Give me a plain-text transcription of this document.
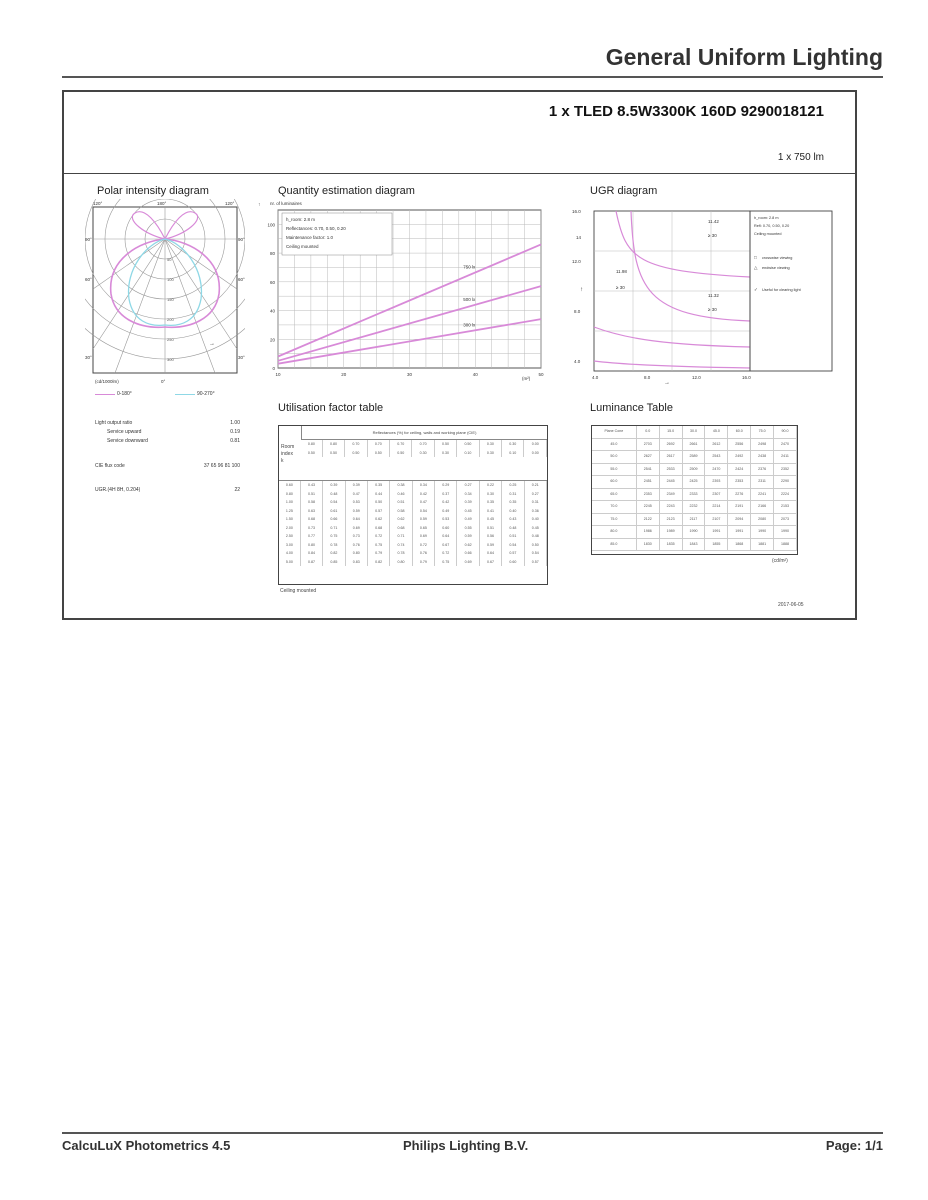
General Uniform Lighting
1 x TLED 8.5W3300K 160D 9290018121
1 x 750 lm
Polar intensity diagram
120°	180°	120°
90°
60°
30°
90°
60°
30°
50
100
150
200
250
300
→
(cd/1000lm)	0°
0-180°	90-270°
Light output ratio	1.00
Service upward	0.19
Service downward	0.81
CIE flux code	37 65 96 81 100
UGR.(4H 8H, 0.204)	22
Quantity estimation diagram
↑ nr. of luminaires
750 lx
500 lx
300 lx
0
20
40
60
80
100
10	20	30	40	50
h_room: 2.8 m
Reflectances: 0.70, 0.50, 0.20
Maintenance factor: 1.0
Ceiling mounted
(m²)
UGR diagram
16.0
14
12.0
8.0
4.0
4.0	8.0	12.0	16.0
↑
→
11.42
≥ 30
11.98
≥ 30
11.32
≥ 30
h_room: 2.8 m
Refl: 0.70, 0.50, 0.20
Ceiling mounted
□ crosswise viewing
△ endwise viewing
✓ Useful for clearing light
Utilisation factor table
Reflectances (%) for ceiling, walls and working plane (CIE)
Room
index
k
0.80	0.80	0.70	0.70	0.70	0.70	0.50	0.50	0.30	0.30	0.00
0.50	0.50	0.50	0.50	0.50	0.30	0.30	0.10	0.30	0.10	0.00
0.60	0.43	0.39	0.39	0.35	0.38	0.34	0.29	0.27	0.22	0.25	0.21
0.80	0.51	0.48	0.47	0.44	0.46	0.42	0.37	0.34	0.30	0.31	0.27
1.00	0.58	0.54	0.53	0.50	0.51	0.47	0.42	0.39	0.35	0.35	0.31
1.25	0.63	0.61	0.59	0.57	0.58	0.54	0.49	0.45	0.41	0.40	0.36
1.50	0.68	0.66	0.64	0.62	0.62	0.59	0.53	0.49	0.45	0.43	0.40
2.00	0.73	0.71	0.69	0.68	0.68	0.65	0.60	0.55	0.51	0.48	0.45
2.50	0.77	0.75	0.73	0.72	0.71	0.69	0.64	0.59	0.56	0.51	0.48
3.00	0.80	0.78	0.76	0.75	0.74	0.72	0.67	0.62	0.59	0.54	0.50
4.00	0.84	0.82	0.80	0.79	0.78	0.76	0.72	0.66	0.64	0.57	0.54
5.00	0.87	0.85	0.83	0.82	0.80	0.79	0.75	0.69	0.67	0.60	0.57
Ceiling mounted
Luminance Table
Plane Cone	0.0	15.0	30.0	45.0	60.0	75.0	90.0
45.0	2703	2692	2661	2612	2556	2498	2470
50.0	2627	2617	2589	2543	2492	2438	2411
55.0	2541	2533	2509	2470	2424	2376	2352
60.0	2451	2445	2425	2393	2353	2311	2290
65.0	2353	2349	2333	2307	2276	2241	2224
70.0	2245	2243	2232	2214	2191	2166	2153
75.0	2122	2123	2117	2107	2094	2080	2073
80.0	1986	1989	1990	1991	1991	1990	1990
85.0	1830	1835	1843	1855	1868	1881	1888
(cd/m²)
2017-06-05
CalcuLuX Photometrics 4.5	Philips Lighting B.V.	Page: 1/1
